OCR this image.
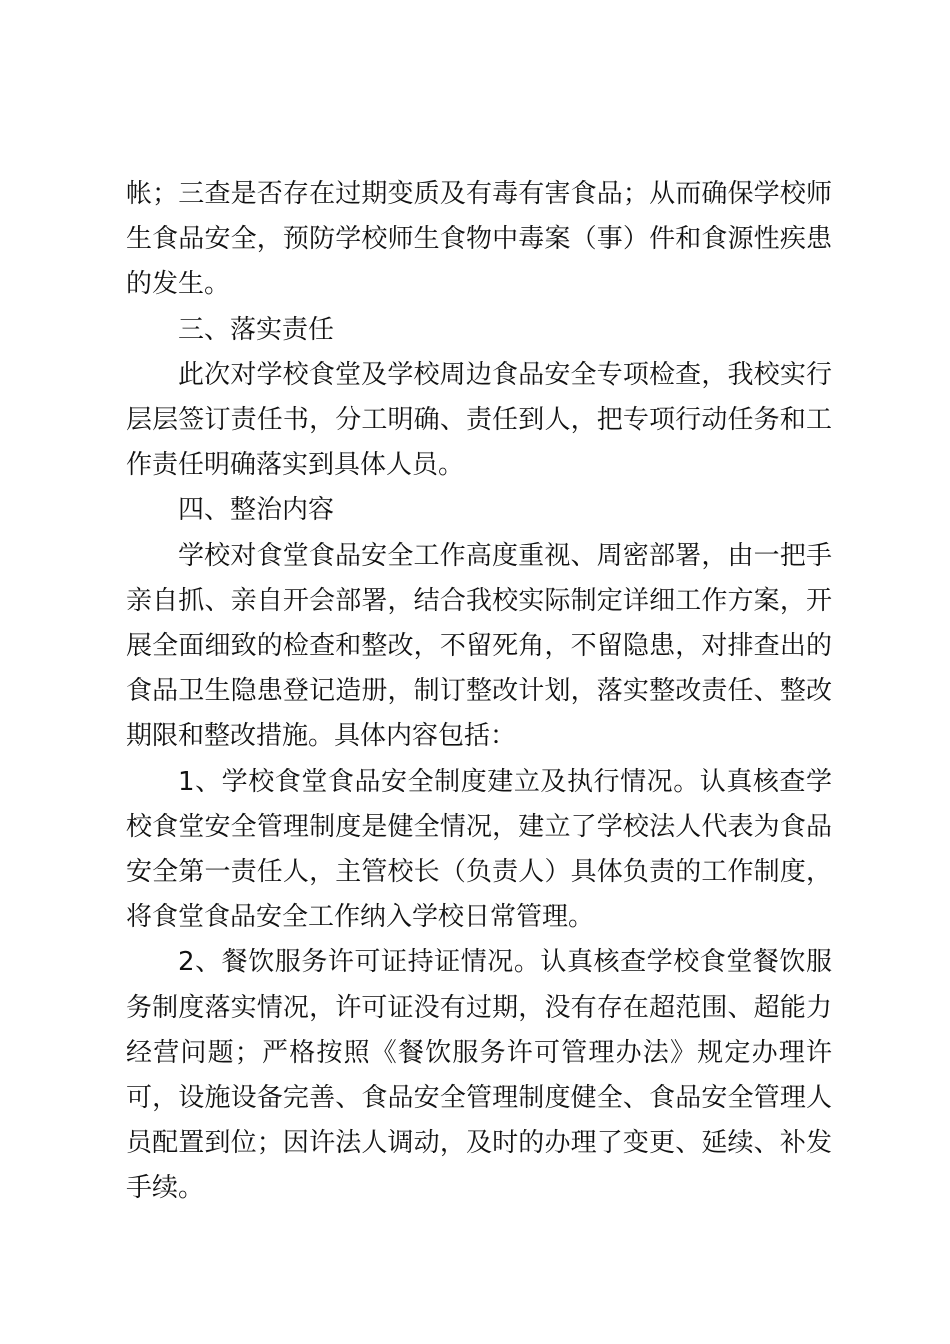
帐；三查是否存在过期变质及有毒有害食品；从而确保学校师生食品安全，预防学校师生食物中毒案（事）件和食源性疾患的发生。

三、落实责任

此次对学校食堂及学校周边食品安全专项检查，我校实行层层签订责任书，分工明确、责任到人，把专项行动任务和工作责任明确落实到具体人员。

四、整治内容

学校对食堂食品安全工作高度重视、周密部署，由一把手亲自抓、亲自开会部署，结合我校实际制定详细工作方案，开展全面细致的检查和整改，不留死角，不留隐患，对排查出的食品卫生隐患登记造册，制订整改计划，落实整改责任、整改期限和整改措施。具体内容包括：

1、学校食堂食品安全制度建立及执行情况。认真核查学校食堂安全管理制度是健全情况，建立了学校法人代表为食品安全第一责任人，主管校长（负责人）具体负责的工作制度，将食堂食品安全工作纳入学校日常管理。

2、餐饮服务许可证持证情况。认真核查学校食堂餐饮服务制度落实情况，许可证没有过期，没有存在超范围、超能力经营问题；严格按照《餐饮服务许可管理办法》规定办理许可，设施设备完善、食品安全管理制度健全、食品安全管理人员配置到位；因许法人调动，及时的办理了变更、延续、补发手续。
